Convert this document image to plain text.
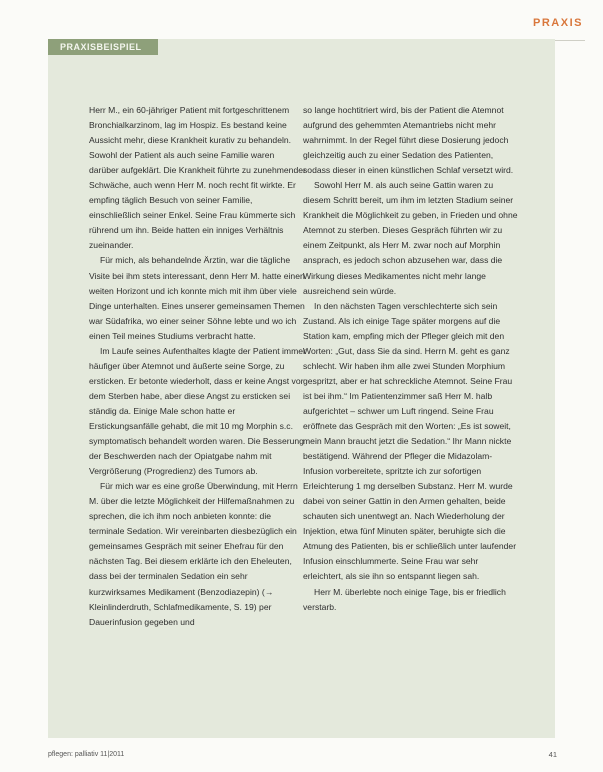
PRAXIS
PRAXISBEISPIEL

Herr M., ein 60-jähriger Patient mit fortgeschrittenem Bronchialkarzinom, lag im Hospiz. Es bestand keine Aussicht mehr, diese Krankheit kurativ zu behandeln. Sowohl der Patient als auch seine Familie waren darüber aufgeklärt. Die Krankheit führte zu zunehmender Schwäche, auch wenn Herr M. noch recht fit wirkte. Er empfing täglich Besuch von seiner Familie, einschließlich seiner Enkel. Seine Frau kümmerte sich rührend um ihn. Beide hatten ein inniges Verhältnis zueinander.

Für mich, als behandelnde Ärztin, war die tägliche Visite bei ihm stets interessant, denn Herr M. hatte einen weiten Horizont und ich konnte mich mit ihm über viele Dinge unterhalten. Eines unserer gemeinsamen Themen war Südafrika, wo einer seiner Söhne lebte und wo ich einen Teil meines Studiums verbracht hatte.

Im Laufe seines Aufenthaltes klagte der Patient immer häufiger über Atemnot und äußerte seine Sorge, zu ersticken. Er betonte wiederholt, dass er keine Angst vor dem Sterben habe, aber diese Angst zu ersticken sei ständig da. Einige Male schon hatte er Erstickungsanfälle gehabt, die mit 10 mg Morphin s.c. symptomatisch behandelt worden waren. Die Besserung der Beschwerden nach der Opiatgabe nahm mit Vergrößerung (Progredienz) des Tumors ab.

Für mich war es eine große Überwindung, mit Herrn M. über die letzte Möglichkeit der Hilfemaßnahmen zu sprechen, die ich ihm noch anbieten konnte: die terminale Sedation. Wir vereinbarten diesbezüglich ein gemeinsames Gespräch mit seiner Ehefrau für den nächsten Tag. Bei diesem erklärte ich den Eheleuten, dass bei der terminalen Sedation ein sehr kurzwirksames Medikament (Benzodiazepin) (→ Kleinlinderdruth, Schlafmedikamente, S. 19) per Dauerinfusion gegeben und

so lange hochtitriert wird, bis der Patient die Atemnot aufgrund des gehemmten Atemantriebs nicht mehr wahrnimmt. In der Regel führt diese Dosierung jedoch gleichzeitig auch zu einer Sedation des Patienten, sodass dieser in einen künstlichen Schlaf versetzt wird.

Sowohl Herr M. als auch seine Gattin waren zu diesem Schritt bereit, um ihm im letzten Stadium seiner Krankheit die Möglichkeit zu geben, in Frieden und ohne Atemnot zu sterben. Dieses Gespräch führten wir zu einem Zeitpunkt, als Herr M. zwar noch auf Morphin ansprach, es jedoch schon abzusehen war, dass die Wirkung dieses Medikamentes nicht mehr lange ausreichend sein würde.

In den nächsten Tagen verschlechterte sich sein Zustand. Als ich einige Tage später morgens auf die Station kam, empfing mich der Pfleger gleich mit den Worten: „Gut, dass Sie da sind. Herrn M. geht es ganz schlecht. Wir haben ihm alle zwei Stunden Morphium gespritzt, aber er hat schreckliche Atemnot. Seine Frau ist bei ihm.“ Im Patientenzimmer saß Herr M. halb aufgerichtet – schwer um Luft ringend. Seine Frau eröffnete das Gespräch mit den Worten: „Es ist soweit, mein Mann braucht jetzt die Sedation.“ Ihr Mann nickte bestätigend. Während der Pfleger die Midazolam-Infusion vorbereitete, spritzte ich zur sofortigen Erleichterung 1 mg derselben Substanz. Herr M. wurde dabei von seiner Gattin in den Armen gehalten, beide schauten sich unentwegt an. Nach Wiederholung der Injektion, etwa fünf Minuten später, beruhigte sich die Atmung des Patienten, bis er schließlich unter laufender Infusion einschlummerte. Seine Frau war sehr erleichtert, als sie ihn so entspannt liegen sah.

Herr M. überlebte noch einige Tage, bis er friedlich verstarb.

pflegen: palliativ 11|2011	41
